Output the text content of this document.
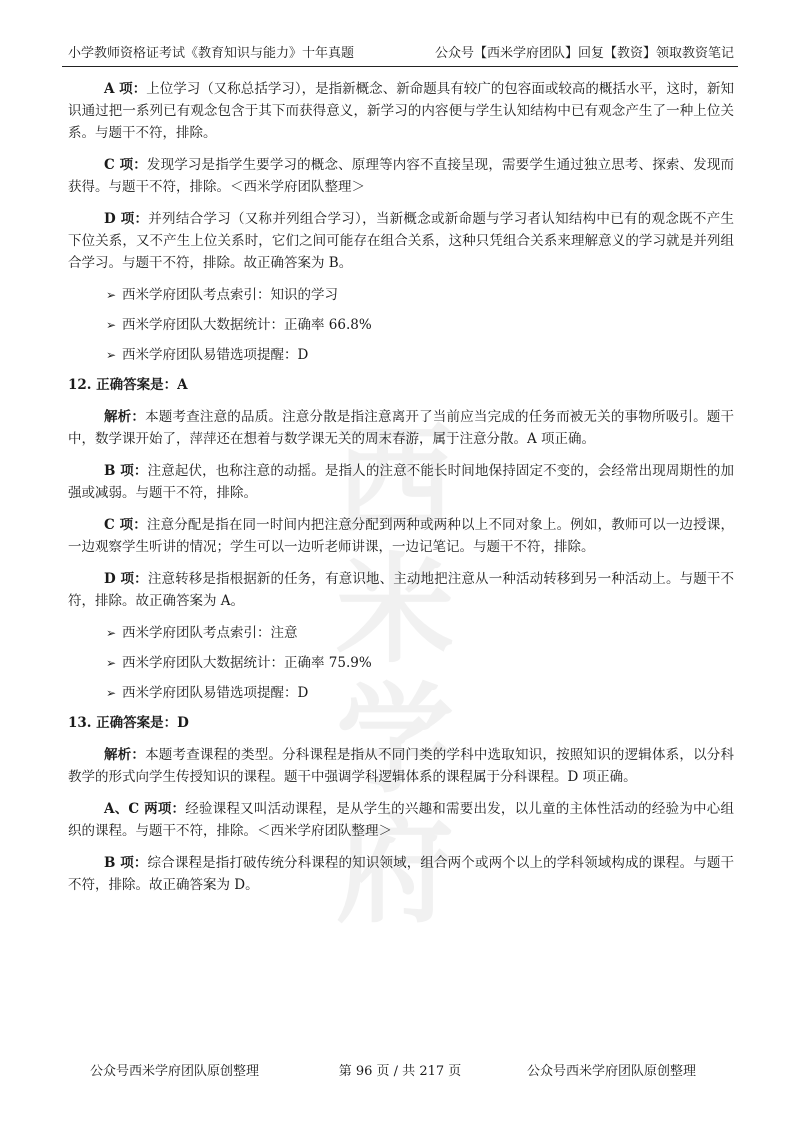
小学教师资格证考试《教育知识与能力》十年真题	公众号【西米学府团队】回复【教资】领取教资笔记
西米
学府

A 项：上位学习（又称总括学习），是指新概念、新命题具有较广的包容面或较高的概括水平，这时，新知识通过把一系列已有观念包含于其下而获得意义，新学习的内容便与学生认知结构中已有观念产生了一种上位关系。与题干不符，排除。

C 项：发现学习是指学生要学习的概念、原理等内容不直接呈现，需要学生通过独立思考、探索、发现而获得。与题干不符，排除。＜西米学府团队整理＞

D 项：并列结合学习（又称并列组合学习），当新概念或新命题与学习者认知结构中已有的观念既不产生下位关系，又不产生上位关系时，它们之间可能存在组合关系，这种只凭组合关系来理解意义的学习就是并列组合学习。与题干不符，排除。故正确答案为 B。

➢ 西米学府团队考点索引：知识的学习
➢ 西米学府团队大数据统计：正确率 66.8%
➢ 西米学府团队易错选项提醒：D
12. 正确答案是：A

解析：本题考查注意的品质。注意分散是指注意离开了当前应当完成的任务而被无关的事物所吸引。题干中，数学课开始了，萍萍还在想着与数学课无关的周末春游，属于注意分散。A 项正确。

B 项：注意起伏，也称注意的动摇。是指人的注意不能长时间地保持固定不变的，会经常出现周期性的加强或减弱。与题干不符，排除。

C 项：注意分配是指在同一时间内把注意分配到两种或两种以上不同对象上。例如，教师可以一边授课，一边观察学生听讲的情况；学生可以一边听老师讲课，一边记笔记。与题干不符，排除。

D 项：注意转移是指根据新的任务，有意识地、主动地把注意从一种活动转移到另一种活动上。与题干不符，排除。故正确答案为 A。

➢ 西米学府团队考点索引：注意
➢ 西米学府团队大数据统计：正确率 75.9%
➢ 西米学府团队易错选项提醒：D
13. 正确答案是：D

解析：本题考查课程的类型。分科课程是指从不同门类的学科中选取知识，按照知识的逻辑体系，以分科教学的形式向学生传授知识的课程。题干中强调学科逻辑体系的课程属于分科课程。D 项正确。

A、C 两项：经验课程又叫活动课程，是从学生的兴趣和需要出发，以儿童的主体性活动的经验为中心组织的课程。与题干不符，排除。＜西米学府团队整理＞

B 项：综合课程是指打破传统分科课程的知识领域，组合两个或两个以上的学科领域构成的课程。与题干不符，排除。故正确答案为 D。

公众号西米学府团队原创整理	第 96 页 / 共 217 页	公众号西米学府团队原创整理
